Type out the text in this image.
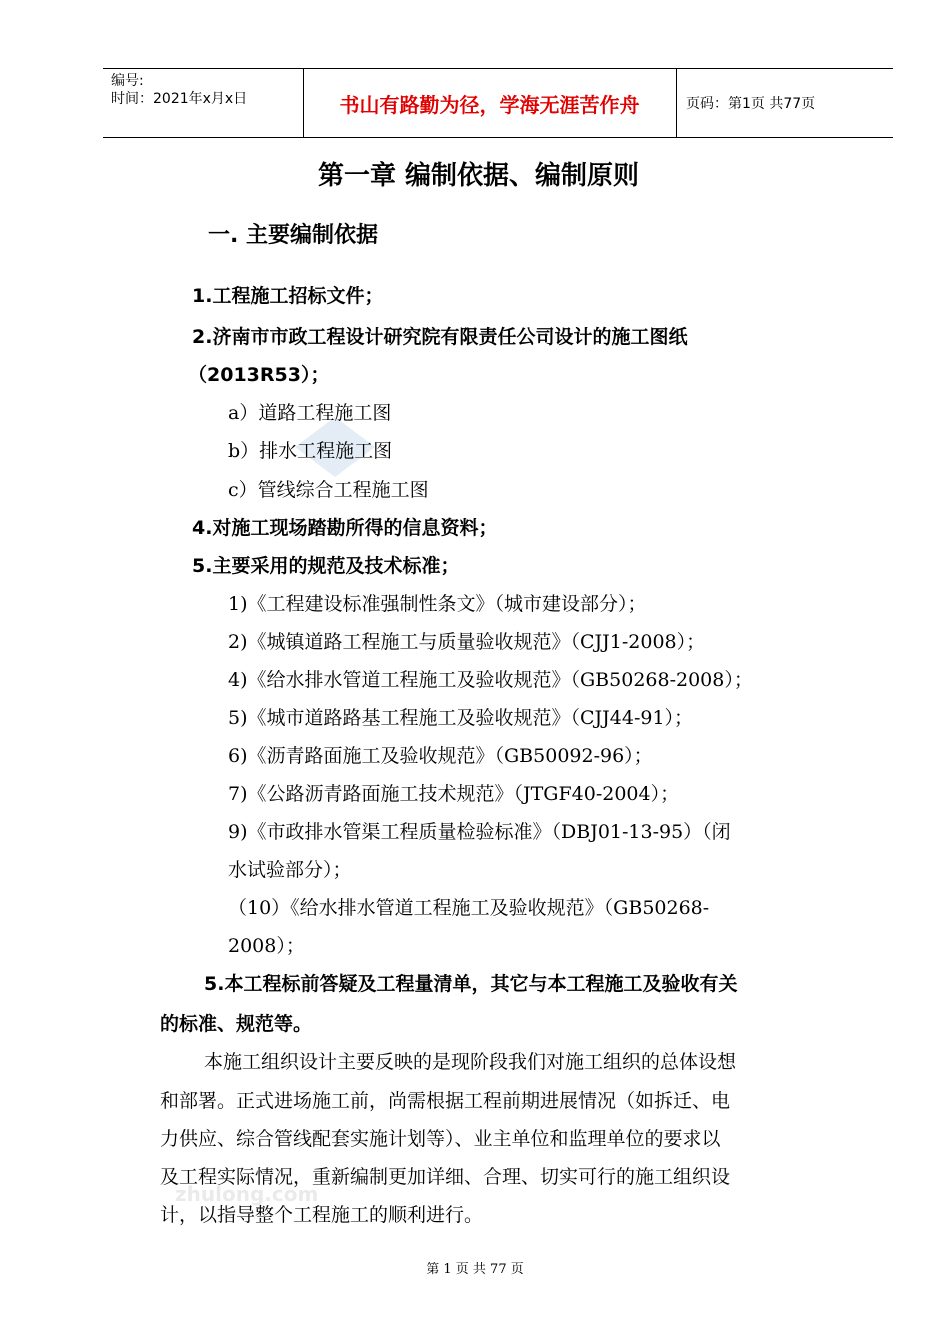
编号:
时间：2021年x月x日	书山有路勤为径，学海无涯苦作舟	页码：第1页 共77页
第一章 编制依据、编制原则
一. 主要编制依据
1.工程施工招标文件；
2.济南市市政工程设计研究院有限责任公司设计的施工图纸
（2013R53）；
a）道路工程施工图
b）排水工程施工图
c）管线综合工程施工图
4.对施工现场踏勘所得的信息资料；
5.主要采用的规范及技术标准；
1)《工程建设标准强制性条文》（城市建设部分）；
2)《城镇道路工程施工与质量验收规范》（CJJ1-2008）；
4)《给水排水管道工程施工及验收规范》（GB50268-2008）；
5)《城市道路路基工程施工及验收规范》（CJJ44-91）；
6)《沥青路面施工及验收规范》（GB50092-96）；
7)《公路沥青路面施工技术规范》（JTGF40-2004）；
9)《市政排水管渠工程质量检验标准》（DBJ01-13-95）（闭
水试验部分）；
（10）《给水排水管道工程施工及验收规范》（GB50268-
2008）；
5.本工程标前答疑及工程量清单，其它与本工程施工及验收有关
的标准、规范等。
本施工组织设计主要反映的是现阶段我们对施工组织的总体设想
和部署。正式进场施工前，尚需根据工程前期进展情况（如拆迁、电
力供应、综合管线配套实施计划等）、业主单位和监理单位的要求以
及工程实际情况，重新编制更加详细、合理、切实可行的施工组织设
计，以指导整个工程施工的顺利进行。
zhulong.com
第 1 页 共 77 页
